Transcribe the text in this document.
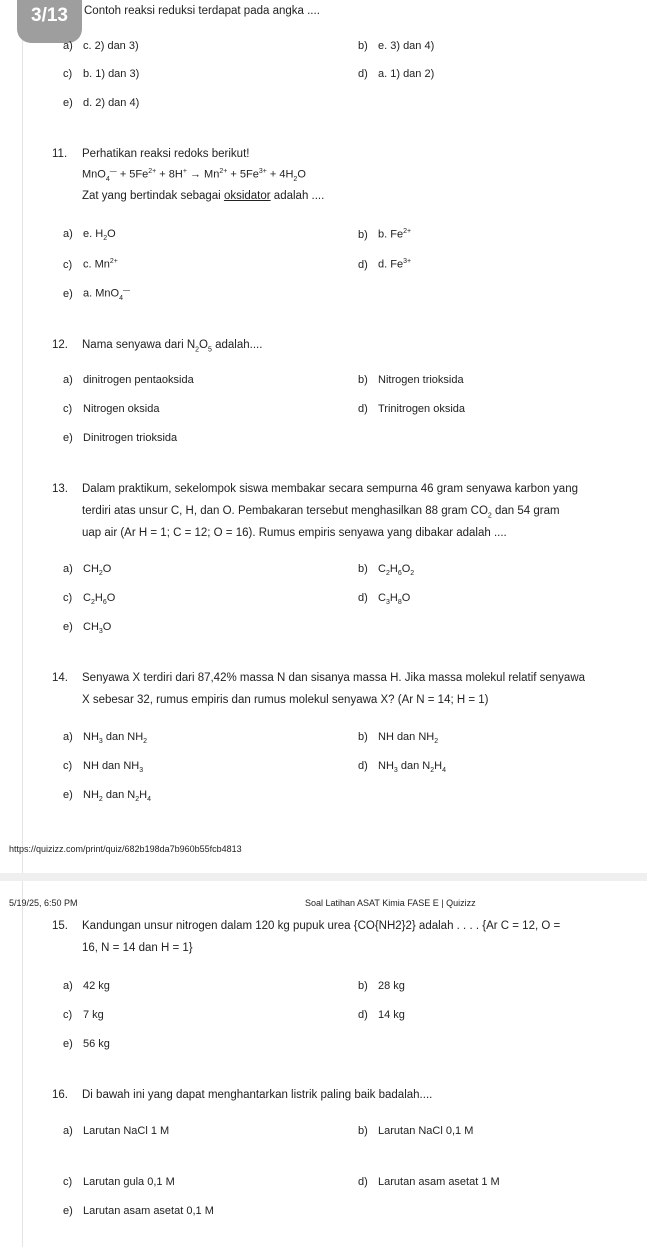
3/13	Contoh reaksi reduksi terdapat pada angka ....
a) c. 2) dan 3)	b) e. 3) dan 4)
c) b. 1) dan 3)	d) a. 1) dan 2)
e) d. 2) dan 4)
11. Perhatikan reaksi redoks berikut!
$MnO_4^— + 5Fe^{2+} + 8H^+ \to Mn^{2+} + 5Fe^{3+} + 4H_2O$
Zat yang bertindak sebagai oksidator adalah ....
a) e. $H_2O$	b) b. $Fe^{2+}$
c) c. $Mn^{2+}$	d) d. $Fe^{3+}$
e) a. MnO$_4$—
12. Nama senyawa dari $N_2O_5$ adalah....
a) dinitrogen pentaoksida	b) Nitrogen trioksida
c) Nitrogen oksida	d) Trinitrogen oksida
e) Dinitrogen trioksida
13. Dalam praktikum, sekelompok siswa membakar secara sempurna 46 gram senyawa karbon yang
terdiri atas unsur C, H, dan O. Pembakaran tersebut menghasilkan 88 gram $CO_2$ dan 54 gram
uap air (Ar H = 1; C = 12; O = 16). Rumus empiris senyawa yang dibakar adalah ....
a) $CH_2O$	b) $C_2H_6O_2$
c) $C_2H_6O$	d) $C_3H_8O$
e) $CH_3O$
14. Senyawa X terdiri dari 87,42% massa N dan sisanya massa H. Jika massa molekul relatif senyawa
X sebesar 32, rumus empiris dan rumus molekul senyawa X? (Ar N = 14; H = 1)
a) $NH_3$ dan $NH_2$	b) NH dan $NH_2$
c) NH dan $NH_3$	d) $NH_3$ dan $N_2H_4$
e) $NH_2$ dan $N_2H_4$
https://quizizz.com/print/quiz/682b198da7b960b55fcb4813
5/19/25, 6:50 PM	Soal Latihan ASAT Kimia FASE E | Quizizz
15. Kandungan unsur nitrogen dalam 120 kg pupuk urea {CO{NH2}2} adalah . . . . {Ar C = 12, O =
16, N = 14 dan H = 1}
a) 42 kg	b) 28 kg
c) 7 kg	d) 14 kg
e) 56 kg
16. Di bawah ini yang dapat menghantarkan listrik paling baik badalah....
a) Larutan NaCl 1 M	b) Larutan NaCl 0,1 M
c) Larutan gula 0,1 M	d) Larutan asam asetat 1 M
e) Larutan asam asetat 0,1 M
